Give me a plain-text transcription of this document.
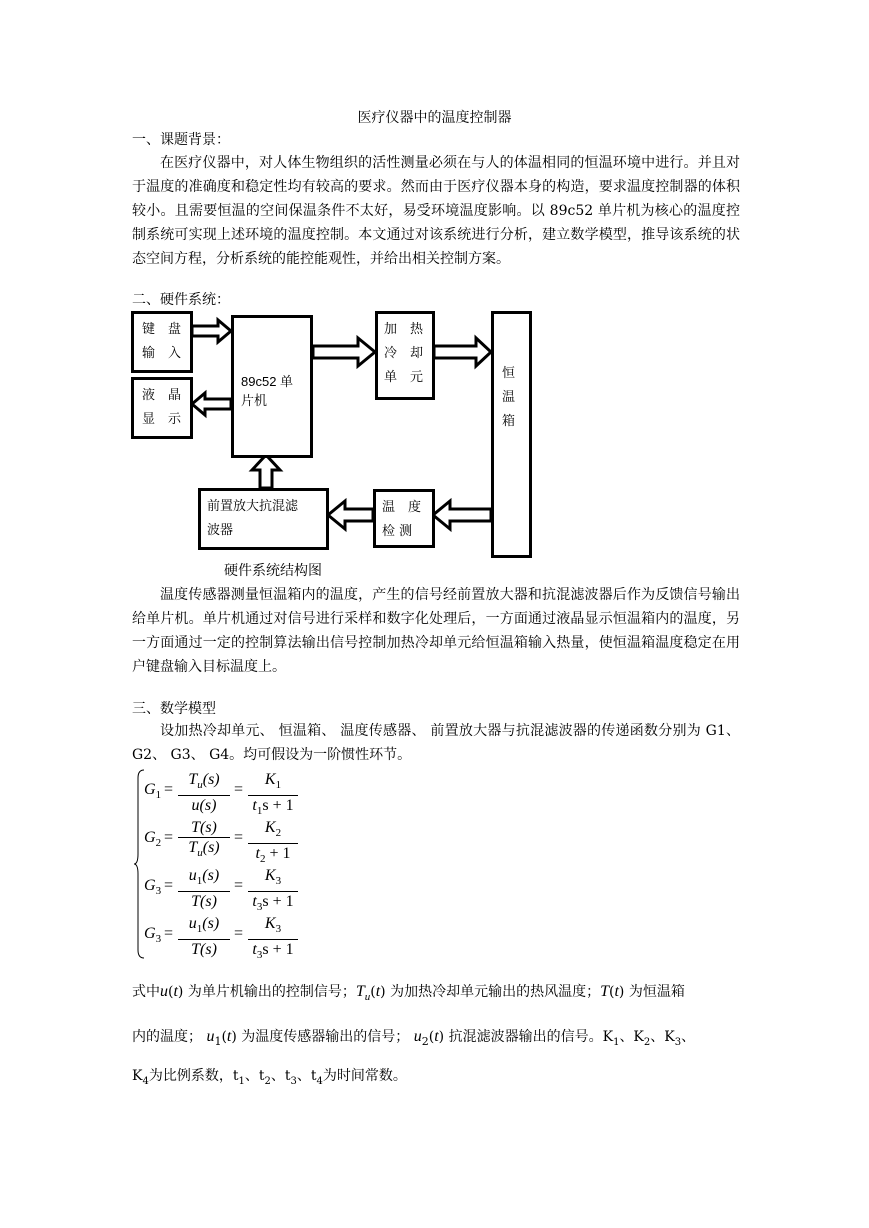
医疗仪器中的温度控制器
一、课题背景：
在医疗仪器中，对人体生物组织的活性测量必须在与人的体温相同的恒温环境中进行。并且对于温度的准确度和稳定性均有较高的要求。然而由于医疗仪器本身的构造，要求温度控制器的体积较小。且需要恒温的空间保温条件不太好，易受环境温度影响。以 89c52 单片机为核心的温度控制系统可实现上述环境的温度控制。本文通过对该系统进行分析，建立数学模型，推导该系统的状态空间方程，分析系统的能控能观性，并给出相关控制方案。
二、硬件系统：
键　盘
输　入
液　晶
显　示
89c52 单
片机
加　热
冷　却
单　元	恒
温
箱
温　度
检 测
前置放大抗混滤
波器
硬件系统结构图
温度传感器测量恒温箱内的温度，产生的信号经前置放大器和抗混滤波器后作为反馈信号输出给单片机。单片机通过对信号进行采样和数字化处理后，一方面通过液晶显示恒温箱内的温度，另一方面通过一定的控制算法输出信号控制加热冷却单元给恒温箱输入热量，使恒温箱温度稳定在用户键盘输入目标温度上。
三、数学模型
设加热冷却单元、 恒温箱、 温度传感器、 前置放大器与抗混滤波器的传递函数分别为 G1、 G2、 G3、 G4。均可假设为一阶惯性环节。
$G_1 = \frac{T_u(s)}{u(s)} = \frac{K_1}{t_1s + 1}$
$G_2 = \frac{T(s)}{T_u(s)} = \frac{K_2}{t_2 + 1}$
$G_3 = \frac{u_1(s)}{T(s)} = \frac{K_3}{t_3s + 1}$
$G_3 = \frac{u_1(s)}{T(s)} = \frac{K_3}{t_3s + 1}$
式中u(t) 为单片机输出的控制信号；$T_u(t)$ 为加热冷却单元输出的热风温度；T(t) 为恒温箱
内的温度； $u_1(t)$ 为温度传感器输出的信号； $u_2(t)$ 抗混滤波器输出的信号。$K_1$、$K_2$、$K_3$、
$K_4$为比例系数，$t_1$、$t_2$、$t_3$、$t_4$为时间常数。
